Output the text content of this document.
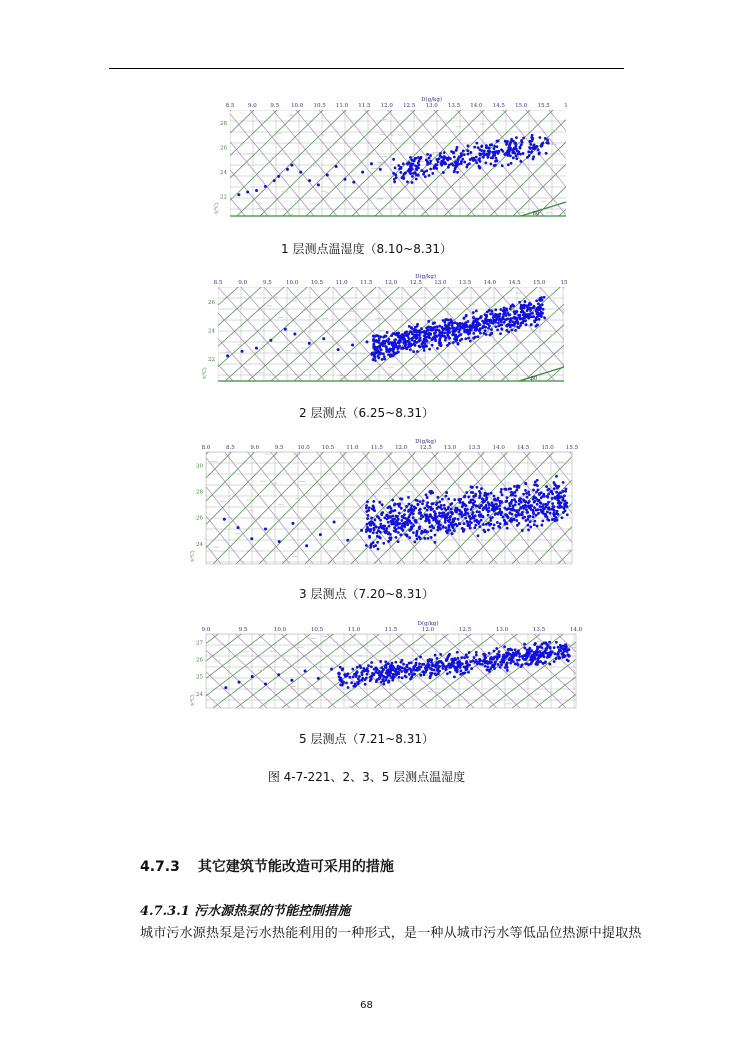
8.5 9.0 9.5 10.0 10.5 11.0 11.5 12.0 12.5 13.0 13.5 14.0 14.5 15.0 15.5	1
D(g/kg)
28
26
24
22
t(℃)
80
1 层测点温湿度（8.10~8.31）
8.5	9.0	9.5	10.0 10.5 11.0 11.5 12.0 12.5 13.0 13.5 14.0 14.5 15.0	15
D(g/kg)
26
24
22
t(℃)
80
2 层测点（6.25~8.31）
8.0	8.5	9.0	9.5	10.0 10.5 11.0 11.5 12.0 12.5 13.0 13.5 14.0 14.5 15.0 15.5
D(g/kg)
30
28
26
24
t(℃)
3 层测点（7.20~8.31）
9.0	9.5	10.0	10.5	11.0	11.5	12.0	12.5	13.0	13.5	14.0
D(g/kg)
27
26
25
24
t(℃)
5 层测点（7.21~8.31）
图 4-7-221、2、3、5 层测点温湿度
4.7.3 其它建筑节能改造可采用的措施
4.7.3.1 污水源热泵的节能控制措施
城市污水源热泵是污水热能利用的一种形式，是一种从城市污水等低品位热源中提取热
68
